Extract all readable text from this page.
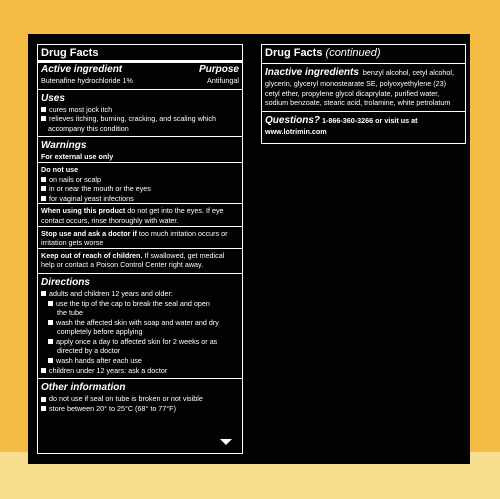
Drug Facts
Active ingredient	Purpose
Butenafine hydrochloride 1%	Antifungal
Uses
cures most jock itch
relieves itching, burning, cracking, and scaling which
accompany this condition
Warnings
For external use only
Do not use
on nails or scalp
in or near the mouth or the eyes
for vaginal yeast infections
When using this product do not get into the eyes. If eye
contact occurs, rinse thoroughly with water.
Stop use and ask a doctor if too much irritation occurs or
irritation gets worse
Keep out of reach of children. If swallowed, get medical
help or contact a Poison Control Center right away.
Directions
adults and children 12 years and older:
use the tip of the cap to break the seal and open
the tube
wash the affected skin with soap and water and dry
completely before applying
apply once a day to affected skin for 2 weeks or as
directed by a doctor
wash hands after each use
children under 12 years: ask a doctor
Other information
do not use if seal on tube is broken or not visible
store between 20° to 25°C (68° to 77°F)
Drug Facts (continued)
Inactive ingredients benzyl alcohol, cetyl alcohol,
glycerin, glyceryl monostearate SE, polyoxyethylene (23)
cetyl ether, propylene glycol dicaprylate, purified water,
sodium benzoate, stearic acid, trolamine, white petrolatum
Questions? 1-866-360-3266 or visit us at
www.lotrimin.com
